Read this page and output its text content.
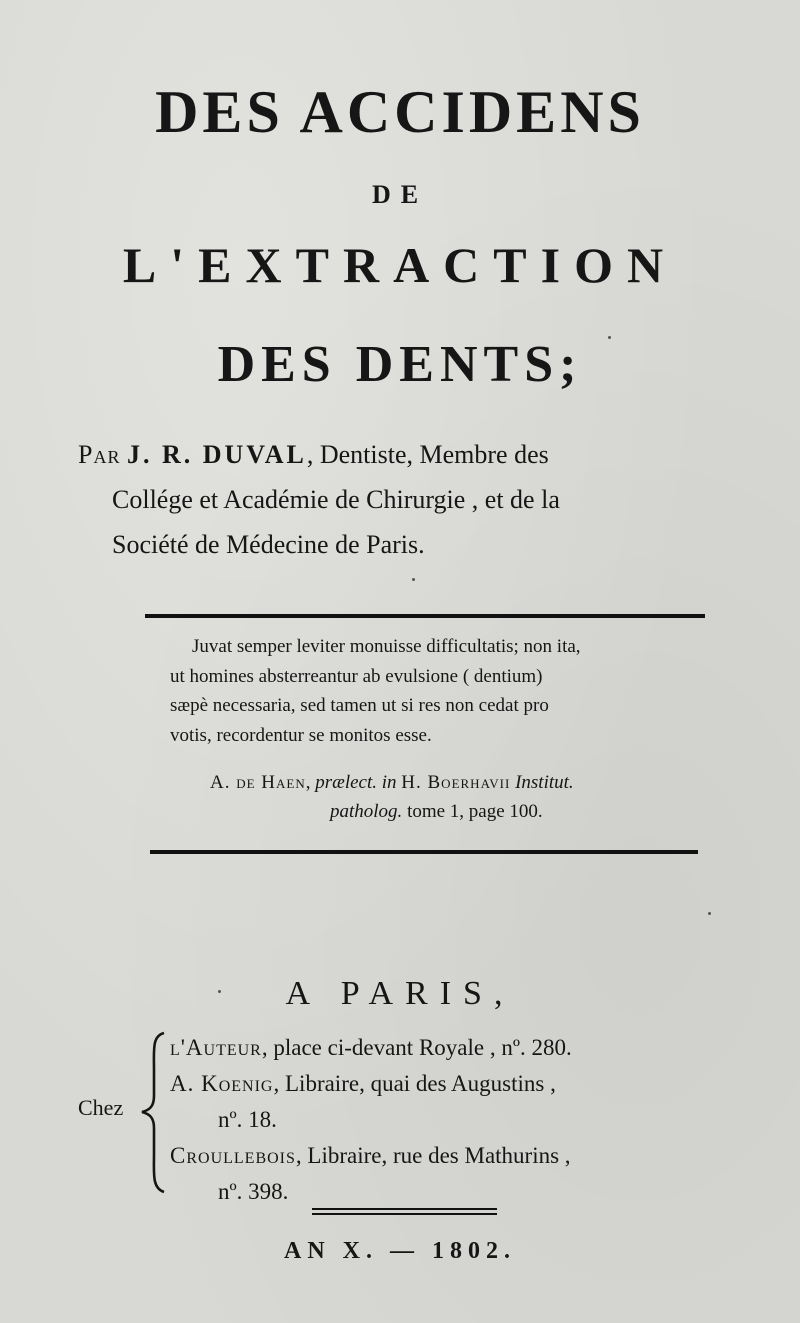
DES ACCIDENS
DE
L'EXTRACTION
DES DENTS;
Par J. R. DUVAL, Dentiste, Membre des
Collége et Académie de Chirurgie , et de la
Société de Médecine de Paris.
Juvat semper leviter monuisse difficultatis; non ita,
ut homines absterreantur ab evulsione ( dentium)
sæpè necessaria, sed tamen ut si res non cedat pro
votis, recordentur se monitos esse.
A. de Haen, prælect. in H. Boerhavii Institut.
patholog. tome 1, page 100.
A PARIS,
Chez
l'Auteur, place ci-devant Royale , nº. 280.
A. Koenig, Libraire, quai des Augustins ,
nº. 18.
Croullebois, Libraire, rue des Mathurins ,
nº. 398.
AN X. — 1802.
